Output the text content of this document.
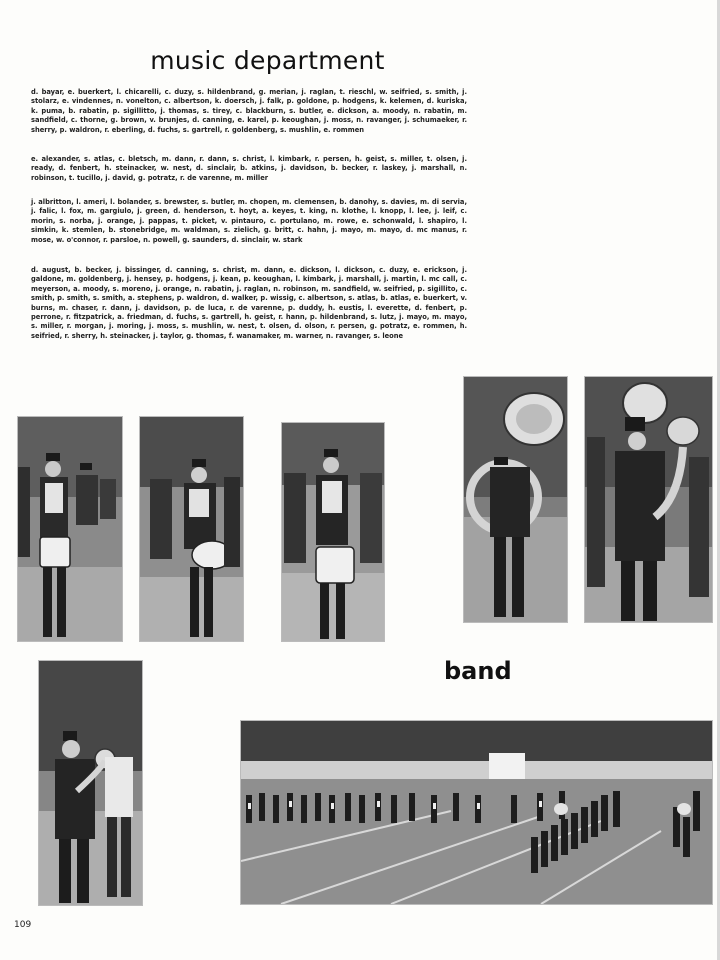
music department

d. bayar, e. buerkert, l. chicarelli, c. duzy, s. hildenbrand, g. merian, j. raglan, t. rieschl, w. seifried, s. smith, j. stolarz, e. vindennes, n. vonelton, c. albertson, k. doersch, j. falk, p. goldone, p. hodgens, k. kelemen, d. kuriska, k. puma, b. rabatin, p. sigillitto, j. thomas, s. tirey, c. blackburn, s. butler, e. dickson, a. moody, n. rabatin, m. sandfield, c. thorne, g. brown, v. brunjes, d. canning, e. karel, p. keoughan, j. moss, n. ravanger, j. schumaeker, r. sherry, p. waldron, r. eberling, d. fuchs, s. gartrell, r. goldenberg, s. mushlin, e. rommen

e. alexander, s. atlas, c. bletsch, m. dann, r. dann, s. christ, l. kimbark, r. persen, h. geist, s. miller, t. olsen, j. ready, d. fenbert, h. steinacker, w. nest, d. sinclair, b. atkins, j. davidson, b. becker, r. laskey, j. marshall, n. robinson, t. tucillo, j. david, g. potratz, r. de varenne, m. miller

j. albritton, l. ameri, l. bolander, s. brewster, s. butler, m. chopen, m. clemensen, b. danohy, s. davies, m. di servia, j. falic, l. fox, m. gargiulo, j. green, d. henderson, t. hoyt, a. keyes, t. king, n. klothe, l. knopp, l. lee, j. leif, c. morin, s. norba, j. orange, j. pappas, t. picket, v. pintauro, c. portulano, m. rowe, e. schonwald, l. shapiro, l. simkin, k. stemlen, b. stonebridge, m. waldman, s. zielich, g. britt, c. hahn, j. mayo, m. mayo, d. mc manus, r. mose, w. o'connor, r. parsloe, n. powell, g. saunders, d. sinclair, w. stark

d. august, b. becker, j. bissinger, d. canning, s. christ, m. dann, e. dickson, l. dickson, c. duzy, e. erickson, j. galdone, m. goldenberg, j. hensey, p. hodgens, j. kean, p. keoughan, l. kimbark, j. marshall, j. martin, l. mc call, c. meyerson, a. moody, s. moreno, j. orange, n. rabatin, j. raglan, n. robinson, m. sandfield, w. seifried, p. sigillito, c. smith, p. smith, s. smith, a. stephens, p. waldron, d. walker, p. wissig, c. albertson, s. atlas, b. atlas, e. buerkert, v. burns, m. chaser, r. dann, j. davidson, p. de luca, r. de varenne, p. duddy, h. eustis, l. everette, d. fenbert, p. perrone, r. fitzpatrick, a. friedman, d. fuchs, s. gartrell, h. geist, r. hann, p. hildenbrand, s. lutz, j. mayo, m. mayo, s. miller, r. morgan, j. moring, j. moss, s. mushlin, w. nest, t. olsen, d. olson, r. persen, g. potratz, e. rommen, h. seifried, r. sherry, h. steinacker, j. taylor, g. thomas, f. wanamaker, m. warner, n. ravanger, s. leone

band
109
